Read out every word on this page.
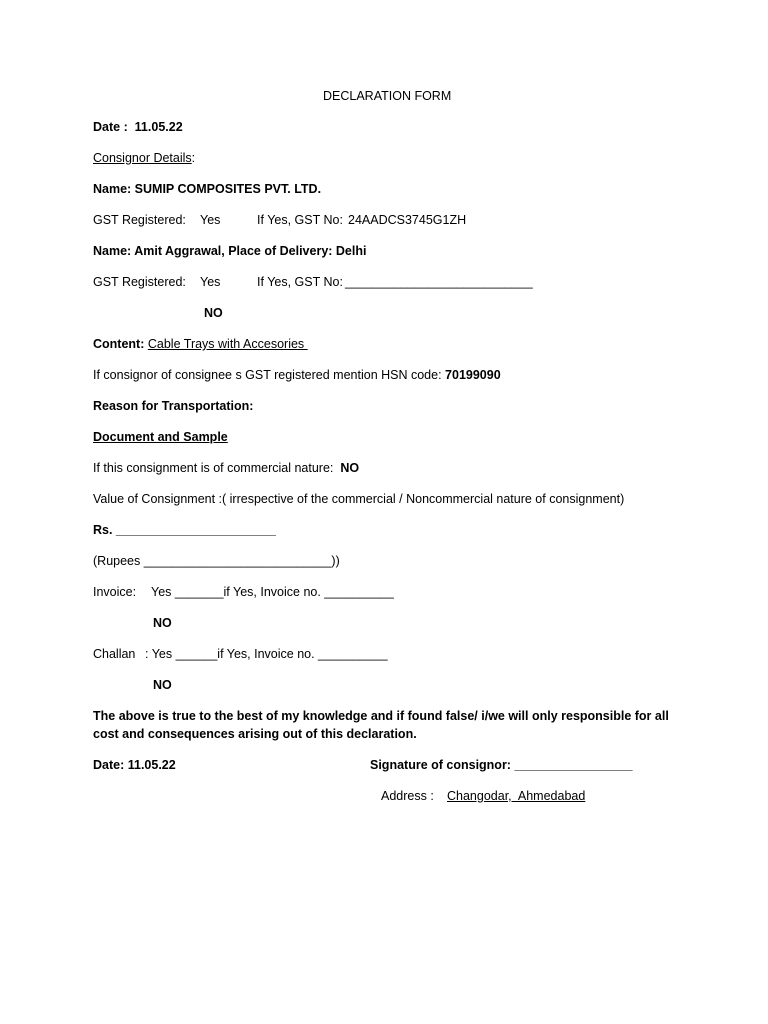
DECLARATION FORM
Date :  11.05.22
Consignor Details:
Name: SUMIP COMPOSITES PVT. LTD.
GST Registered: Yes	If Yes, GST No: 24AADCS3745G1ZH
Name: Amit Aggrawal, Place of Delivery: Delhi
GST Registered: Yes	If Yes, GST No: ___________________________
NO
Content: Cable Trays with Accesories
If consignor of consignee s GST registered mention HSN code: 70199090
Reason for Transportation:
Document and Sample
If this consignment is of commercial nature:  NO
Value of Consignment :( irrespective of the commercial / Noncommercial nature of consignment)
Rs. _______________________
(Rupees ___________________________))
Invoice: Yes _______if Yes, Invoice no. __________
NO
Challan : Yes ______if Yes, Invoice no. __________
NO
The above is true to the best of my knowledge and if found false/ i/we will only responsible for all
cost and consequences arising out of this declaration.
Date: 11.05.22	Signature of consignor: _________________
Address : Changodar,  Ahmedabad
